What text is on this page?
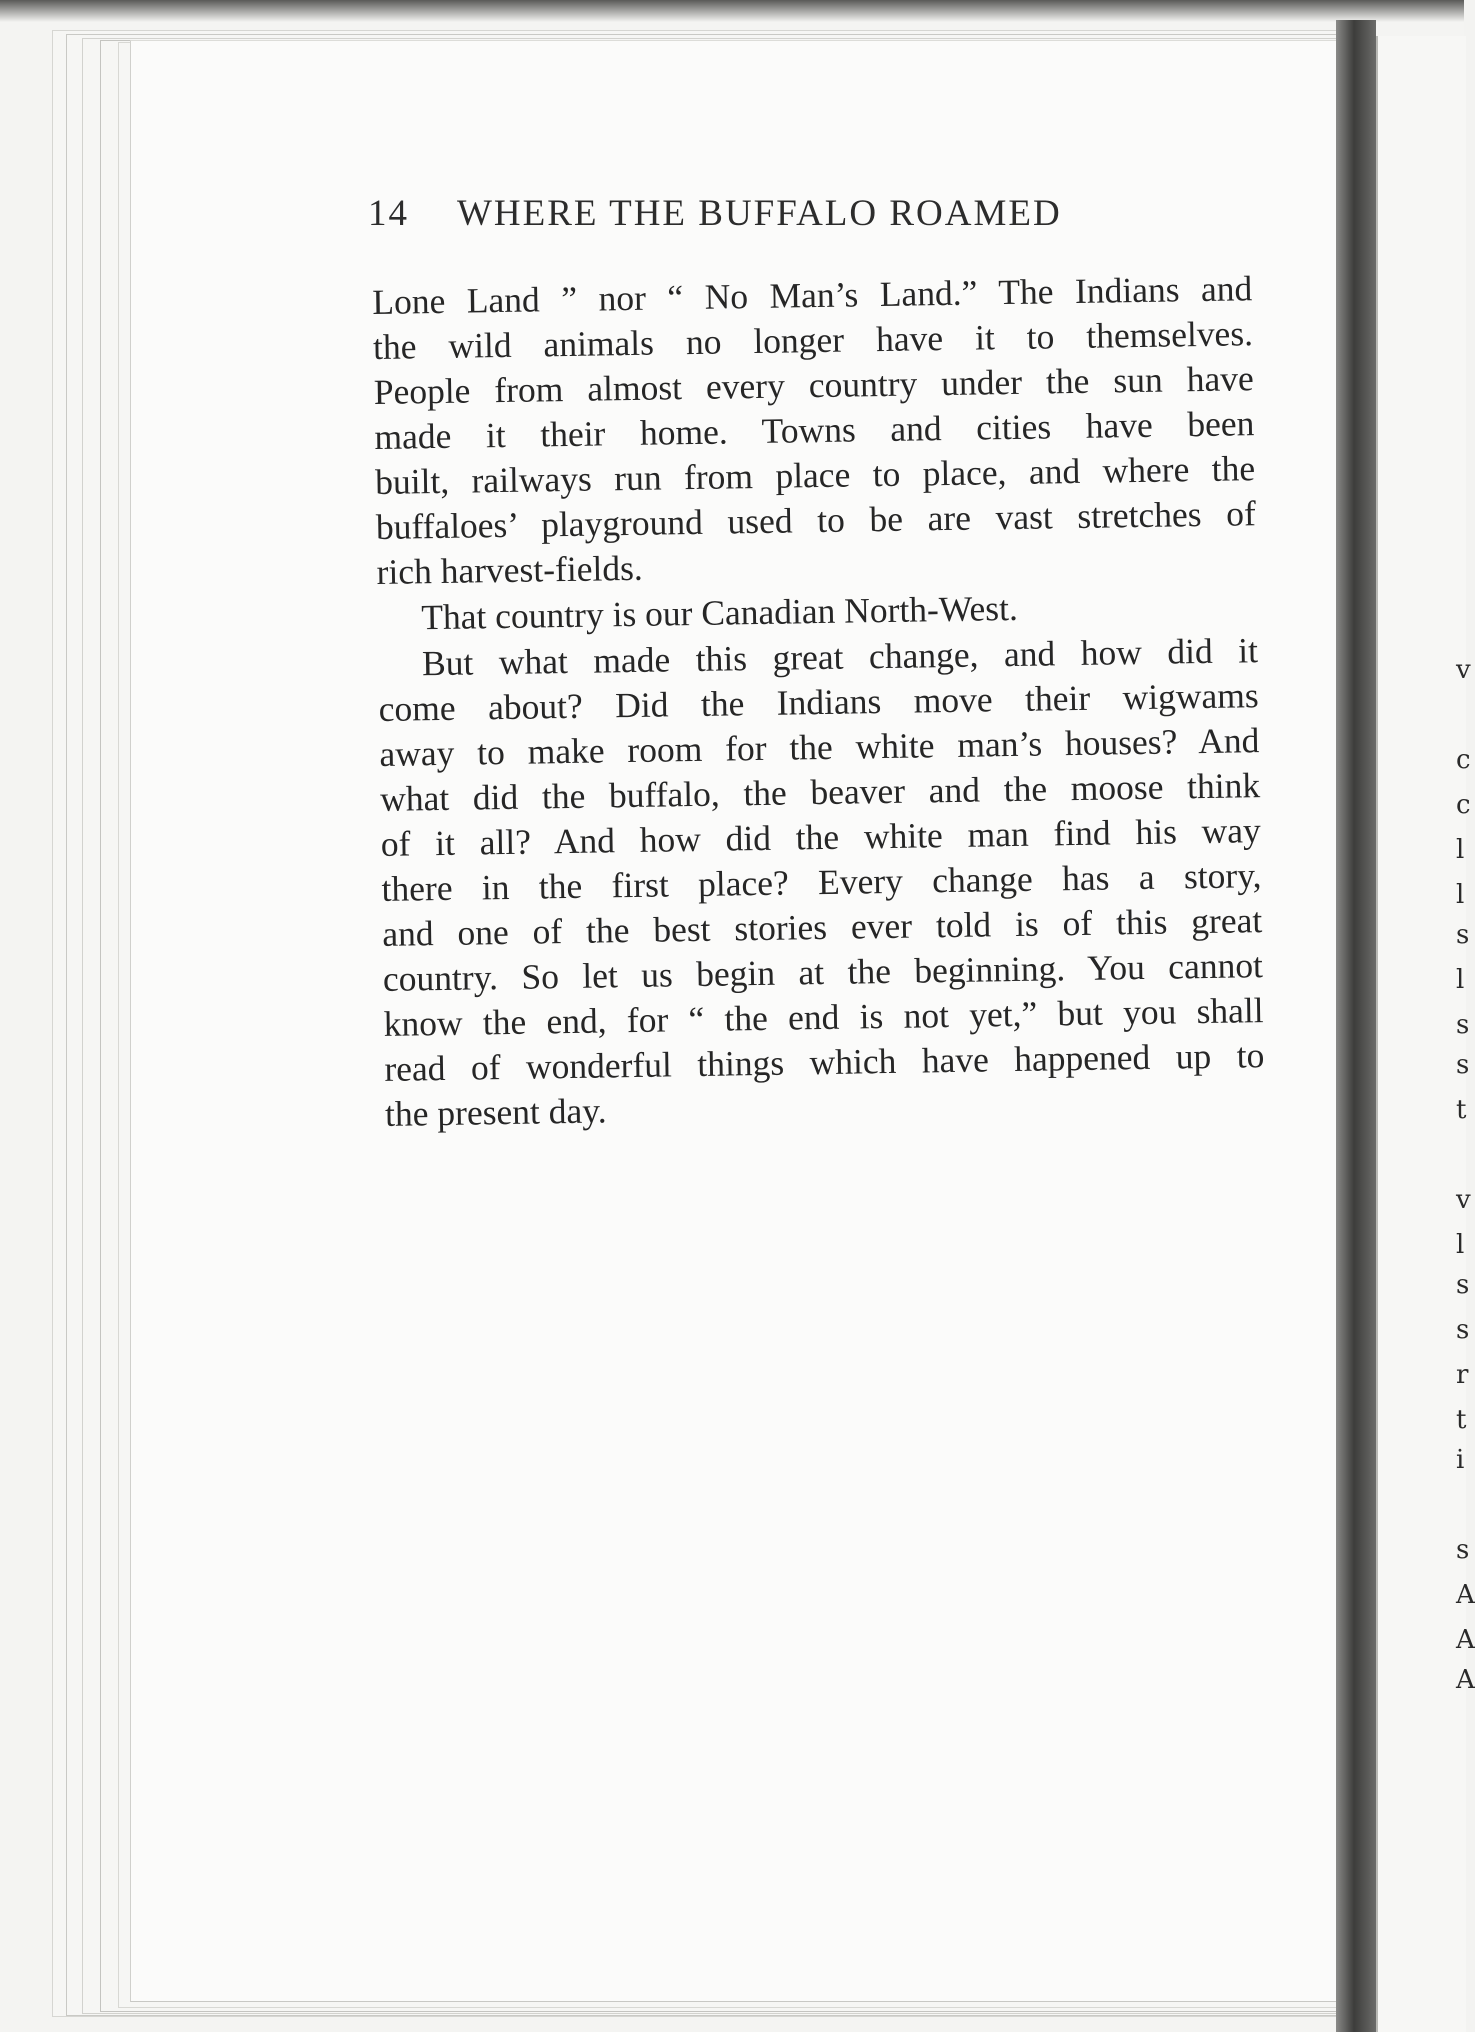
v
c
c
l
l
s
l
s
s
t
v
l
s
s
r
t
i
s
A
A
A
14 WHERE THE BUFFALO ROAMED
Lone Land ” nor “ No Man’s Land.” The Indians and
the wild animals no longer have it to themselves.
People from almost every country under the sun have
made it their home. Towns and cities have been
built, railways run from place to place, and where the
buffaloes’ playground used to be are vast stretches of
rich harvest-fields.
That country is our Canadian North-West.
But what made this great change, and how did it
come about? Did the Indians move their wigwams
away to make room for the white man’s houses? And
what did the buffalo, the beaver and the moose think
of it all? And how did the white man find his way
there in the first place? Every change has a story,
and one of the best stories ever told is of this great
country. So let us begin at the beginning. You cannot
know the end, for “ the end is not yet,” but you shall
read of wonderful things which have happened up to
the present day.
